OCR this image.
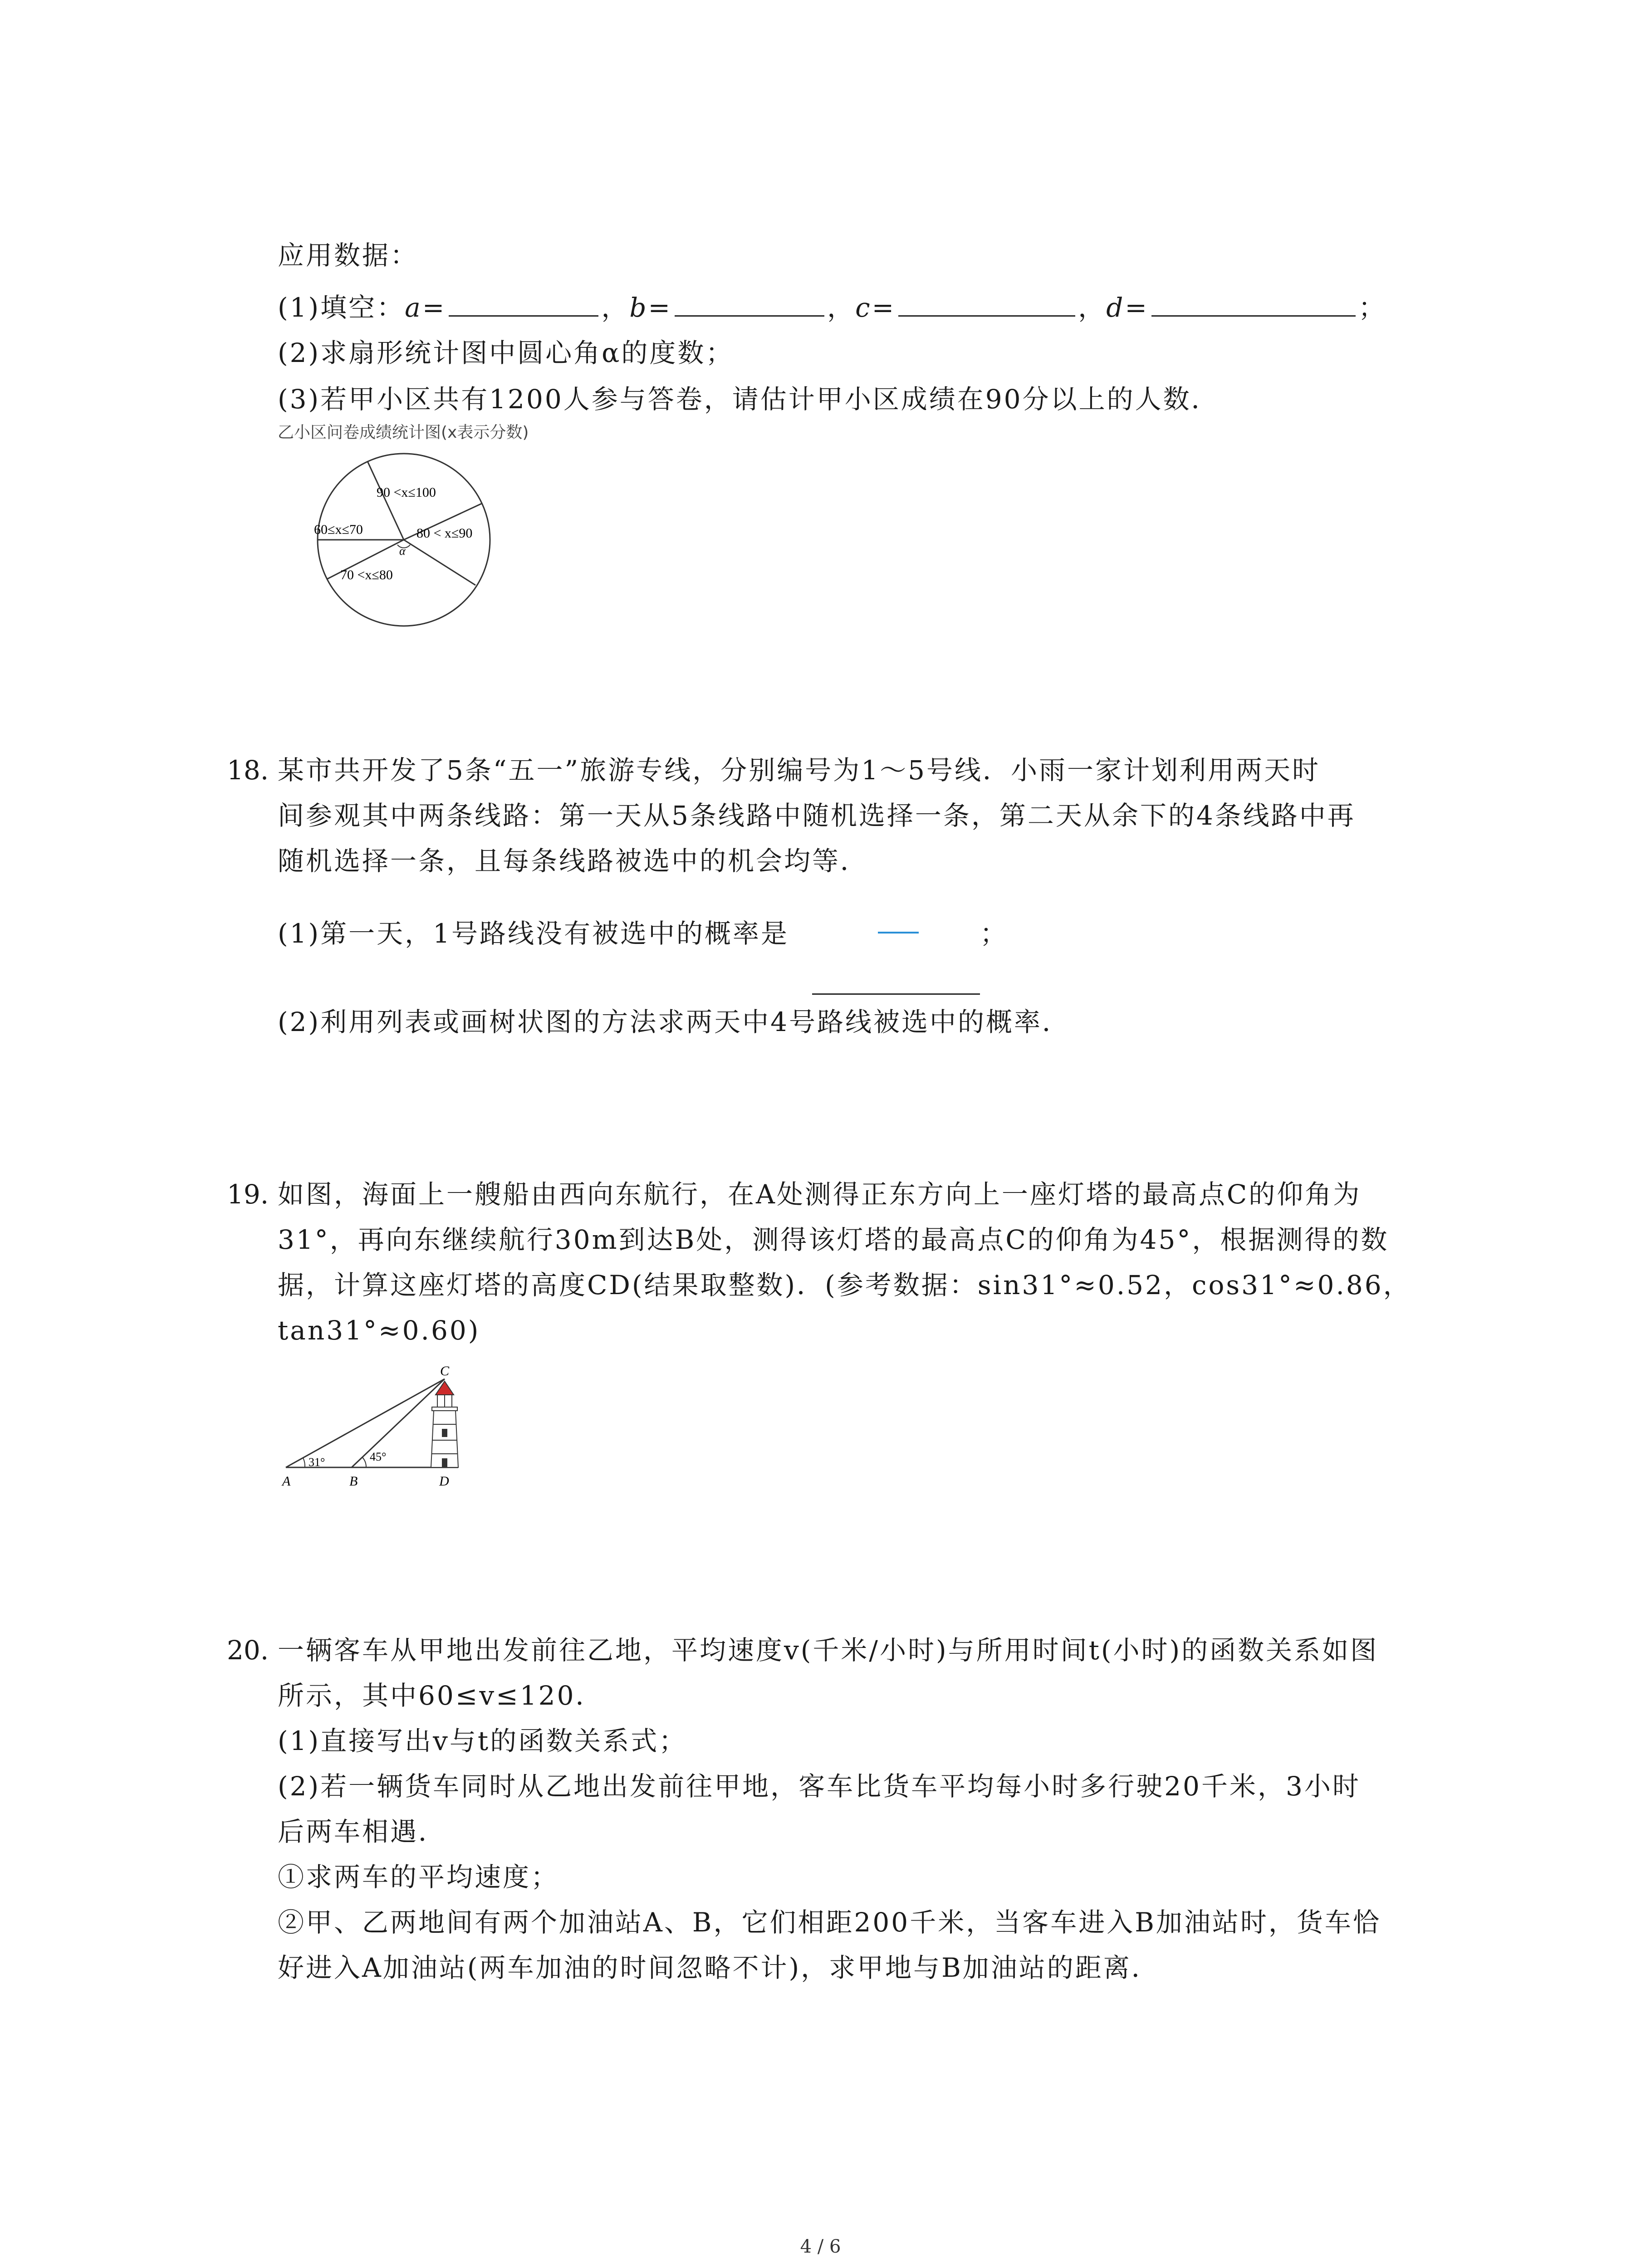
应用数据：
(1)填空：a=	，b=	，c=	，d=	；
(2)求扇形统计图中圆心角α的度数；
(3)若甲小区共有1200人参与答卷，请估计甲小区成绩在90分以上的人数．
乙小区问卷成绩统计图(x表示分数)
90 <x≤100
60≤x≤70	80 < x≤90
α
70 <x≤80
18. 某市共开发了5条“五一”旅游专线，分别编号为1～5号线．小雨一家计划利用两天时
间参观其中两条线路：第一天从5条线路中随机选择一条，第二天从余下的4条线路中再
随机选择一条，且每条线路被选中的机会均等．
(1)第一天，1号路线没有被选中的概率是	；
(2)利用列表或画树状图的方法求两天中4号路线被选中的概率．
19. 如图，海面上一艘船由西向东航行，在A处测得正东方向上一座灯塔的最高点C的仰角为
31°，再向东继续航行30m到达B处，测得该灯塔的最高点C的仰角为45°，根据测得的数
据，计算这座灯塔的高度CD(结果取整数)．(参考数据：sin31°≈0.52，cos31°≈0.86，
tan31°≈0.60)
31°	45°
A	B
C
D
20. 一辆客车从甲地出发前往乙地，平均速度v(千米/小时)与所用时间t(小时)的函数关系如图
所示，其中60≤v≤120．
(1)直接写出v与t的函数关系式；
(2)若一辆货车同时从乙地出发前往甲地，客车比货车平均每小时多行驶20千米，3小时
后两车相遇．
①求两车的平均速度；
②甲、乙两地间有两个加油站A、B，它们相距200千米，当客车进入B加油站时，货车恰
好进入A加油站(两车加油的时间忽略不计)，求甲地与B加油站的距离．
4 / 6
